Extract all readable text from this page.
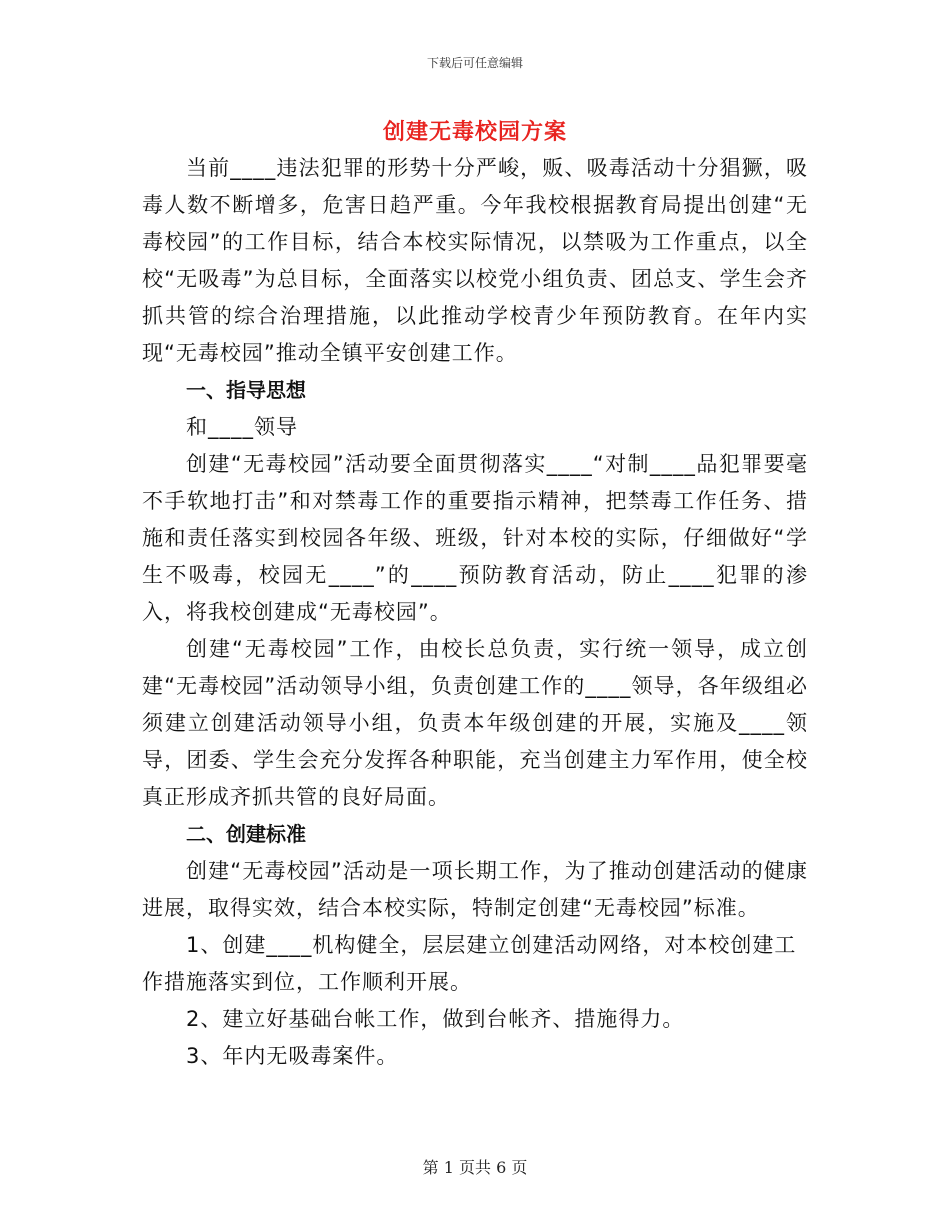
下载后可任意编辑
创建无毒校园方案

当前____违法犯罪的形势十分严峻，贩、吸毒活动十分猖獗，吸毒人数不断增多，危害日趋严重。今年我校根据教育局提出创建“无毒校园”的工作目标，结合本校实际情况，以禁吸为工作重点，以全校“无吸毒”为总目标，全面落实以校党小组负责、团总支、学生会齐抓共管的综合治理措施，以此推动学校青少年预防教育。在年内实现“无毒校园”推动全镇平安创建工作。

一、指导思想

和____领导

创建“无毒校园”活动要全面贯彻落实____“对制____品犯罪要毫不手软地打击”和对禁毒工作的重要指示精神，把禁毒工作任务、措施和责任落实到校园各年级、班级，针对本校的实际，仔细做好“学生不吸毒，校园无____”的____预防教育活动，防止____犯罪的渗入，将我校创建成“无毒校园”。

创建“无毒校园”工作，由校长总负责，实行统一领导，成立创建“无毒校园”活动领导小组，负责创建工作的____领导，各年级组必须建立创建活动领导小组，负责本年级创建的开展，实施及____领导，团委、学生会充分发挥各种职能，充当创建主力军作用，使全校真正形成齐抓共管的良好局面。

二、创建标准

创建“无毒校园”活动是一项长期工作，为了推动创建活动的健康进展，取得实效，结合本校实际，特制定创建“无毒校园”标准。

1、创建____机构健全，层层建立创建活动网络，对本校创建工作措施落实到位，工作顺利开展。

2、建立好基础台帐工作，做到台帐齐、措施得力。

3、年内无吸毒案件。

第 1 页共 6 页
